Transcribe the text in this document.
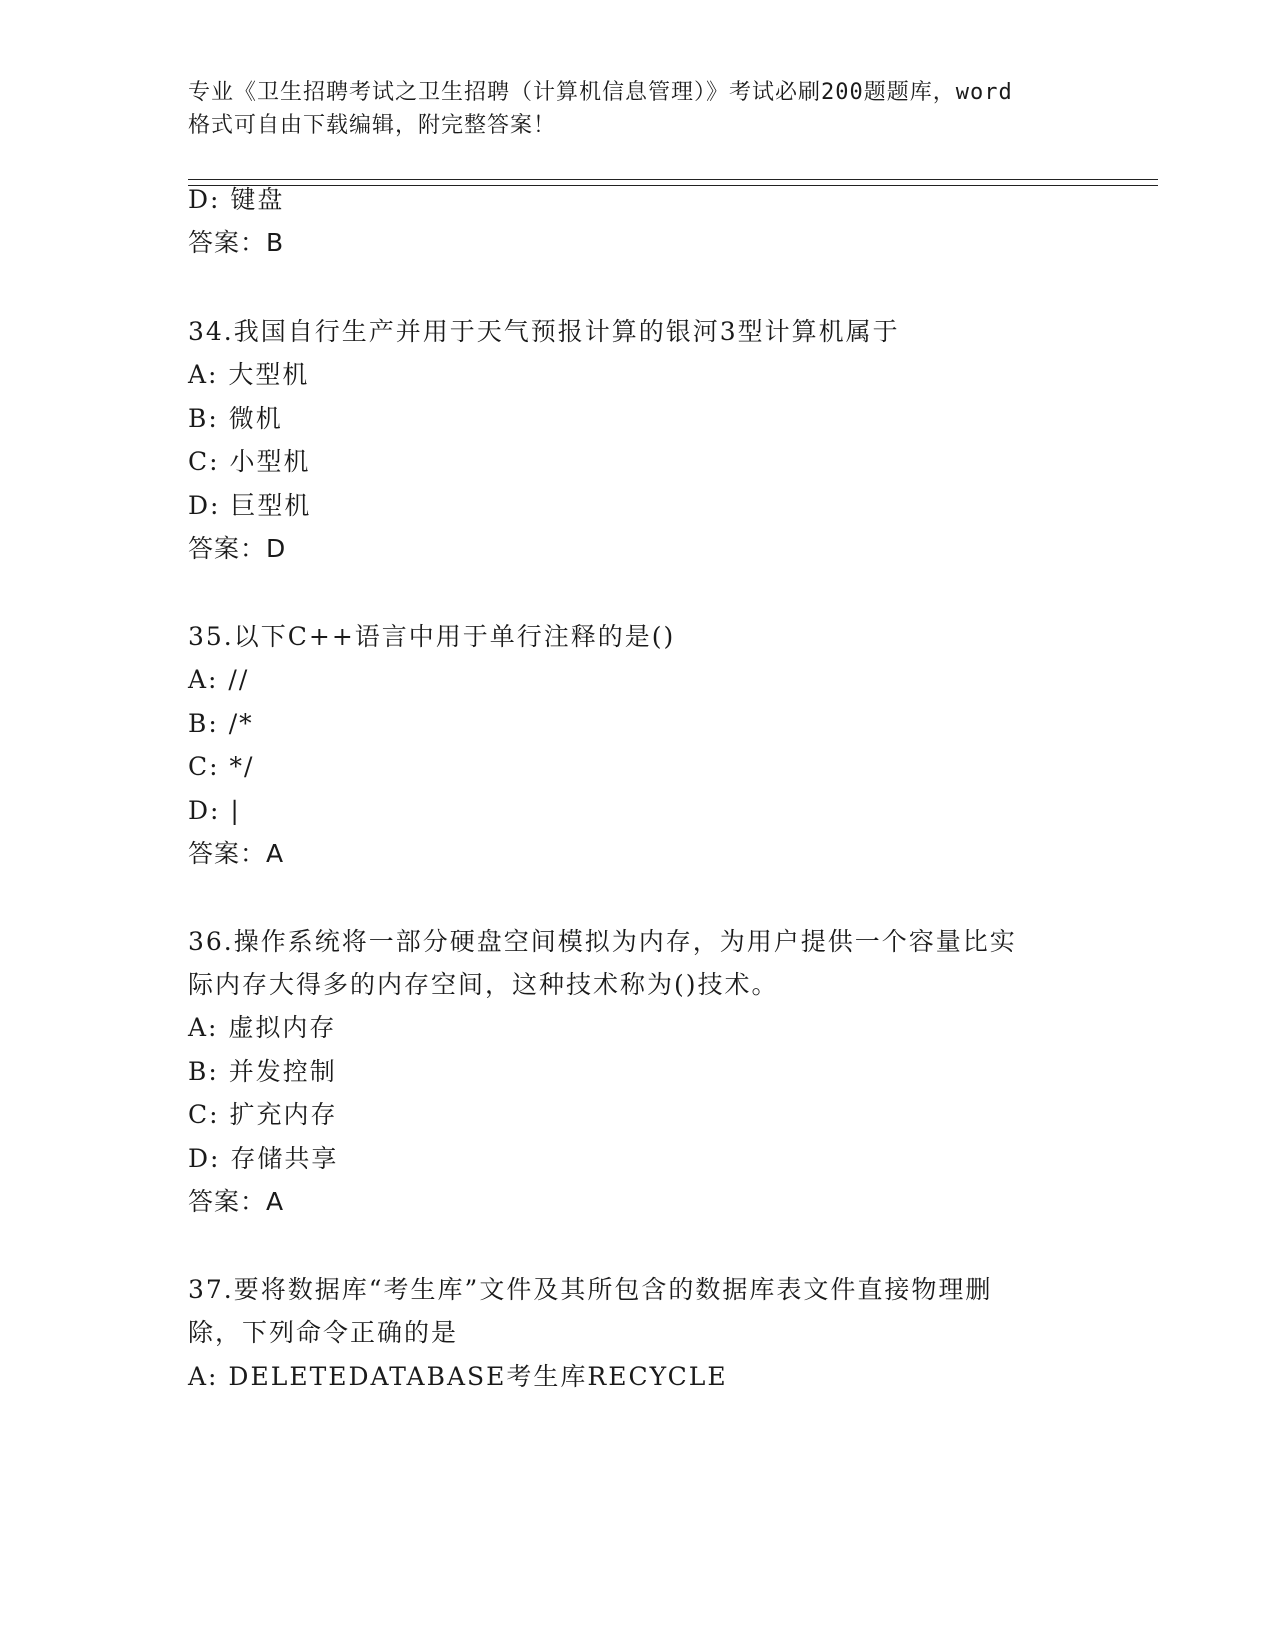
专业《卫生招聘考试之卫生招聘（计算机信息管理）》考试必刷200题题库，word
格式可自由下载编辑，附完整答案！
D: 键盘
答案：B
34.我国自行生产并用于天气预报计算的银河3型计算机属于
A: 大型机
B: 微机
C: 小型机
D: 巨型机
答案：D
35.以下C++语言中用于单行注释的是()
A: //
B: /*
C: */
D: |
答案：A
36.操作系统将一部分硬盘空间模拟为内存，为用户提供一个容量比实
际内存大得多的内存空间，这种技术称为()技术。
A: 虚拟内存
B: 并发控制
C: 扩充内存
D: 存储共享
答案：A
37.要将数据库“考生库”文件及其所包含的数据库表文件直接物理删
除，下列命令正确的是
A: DELETEDATABASE考生库RECYCLE
